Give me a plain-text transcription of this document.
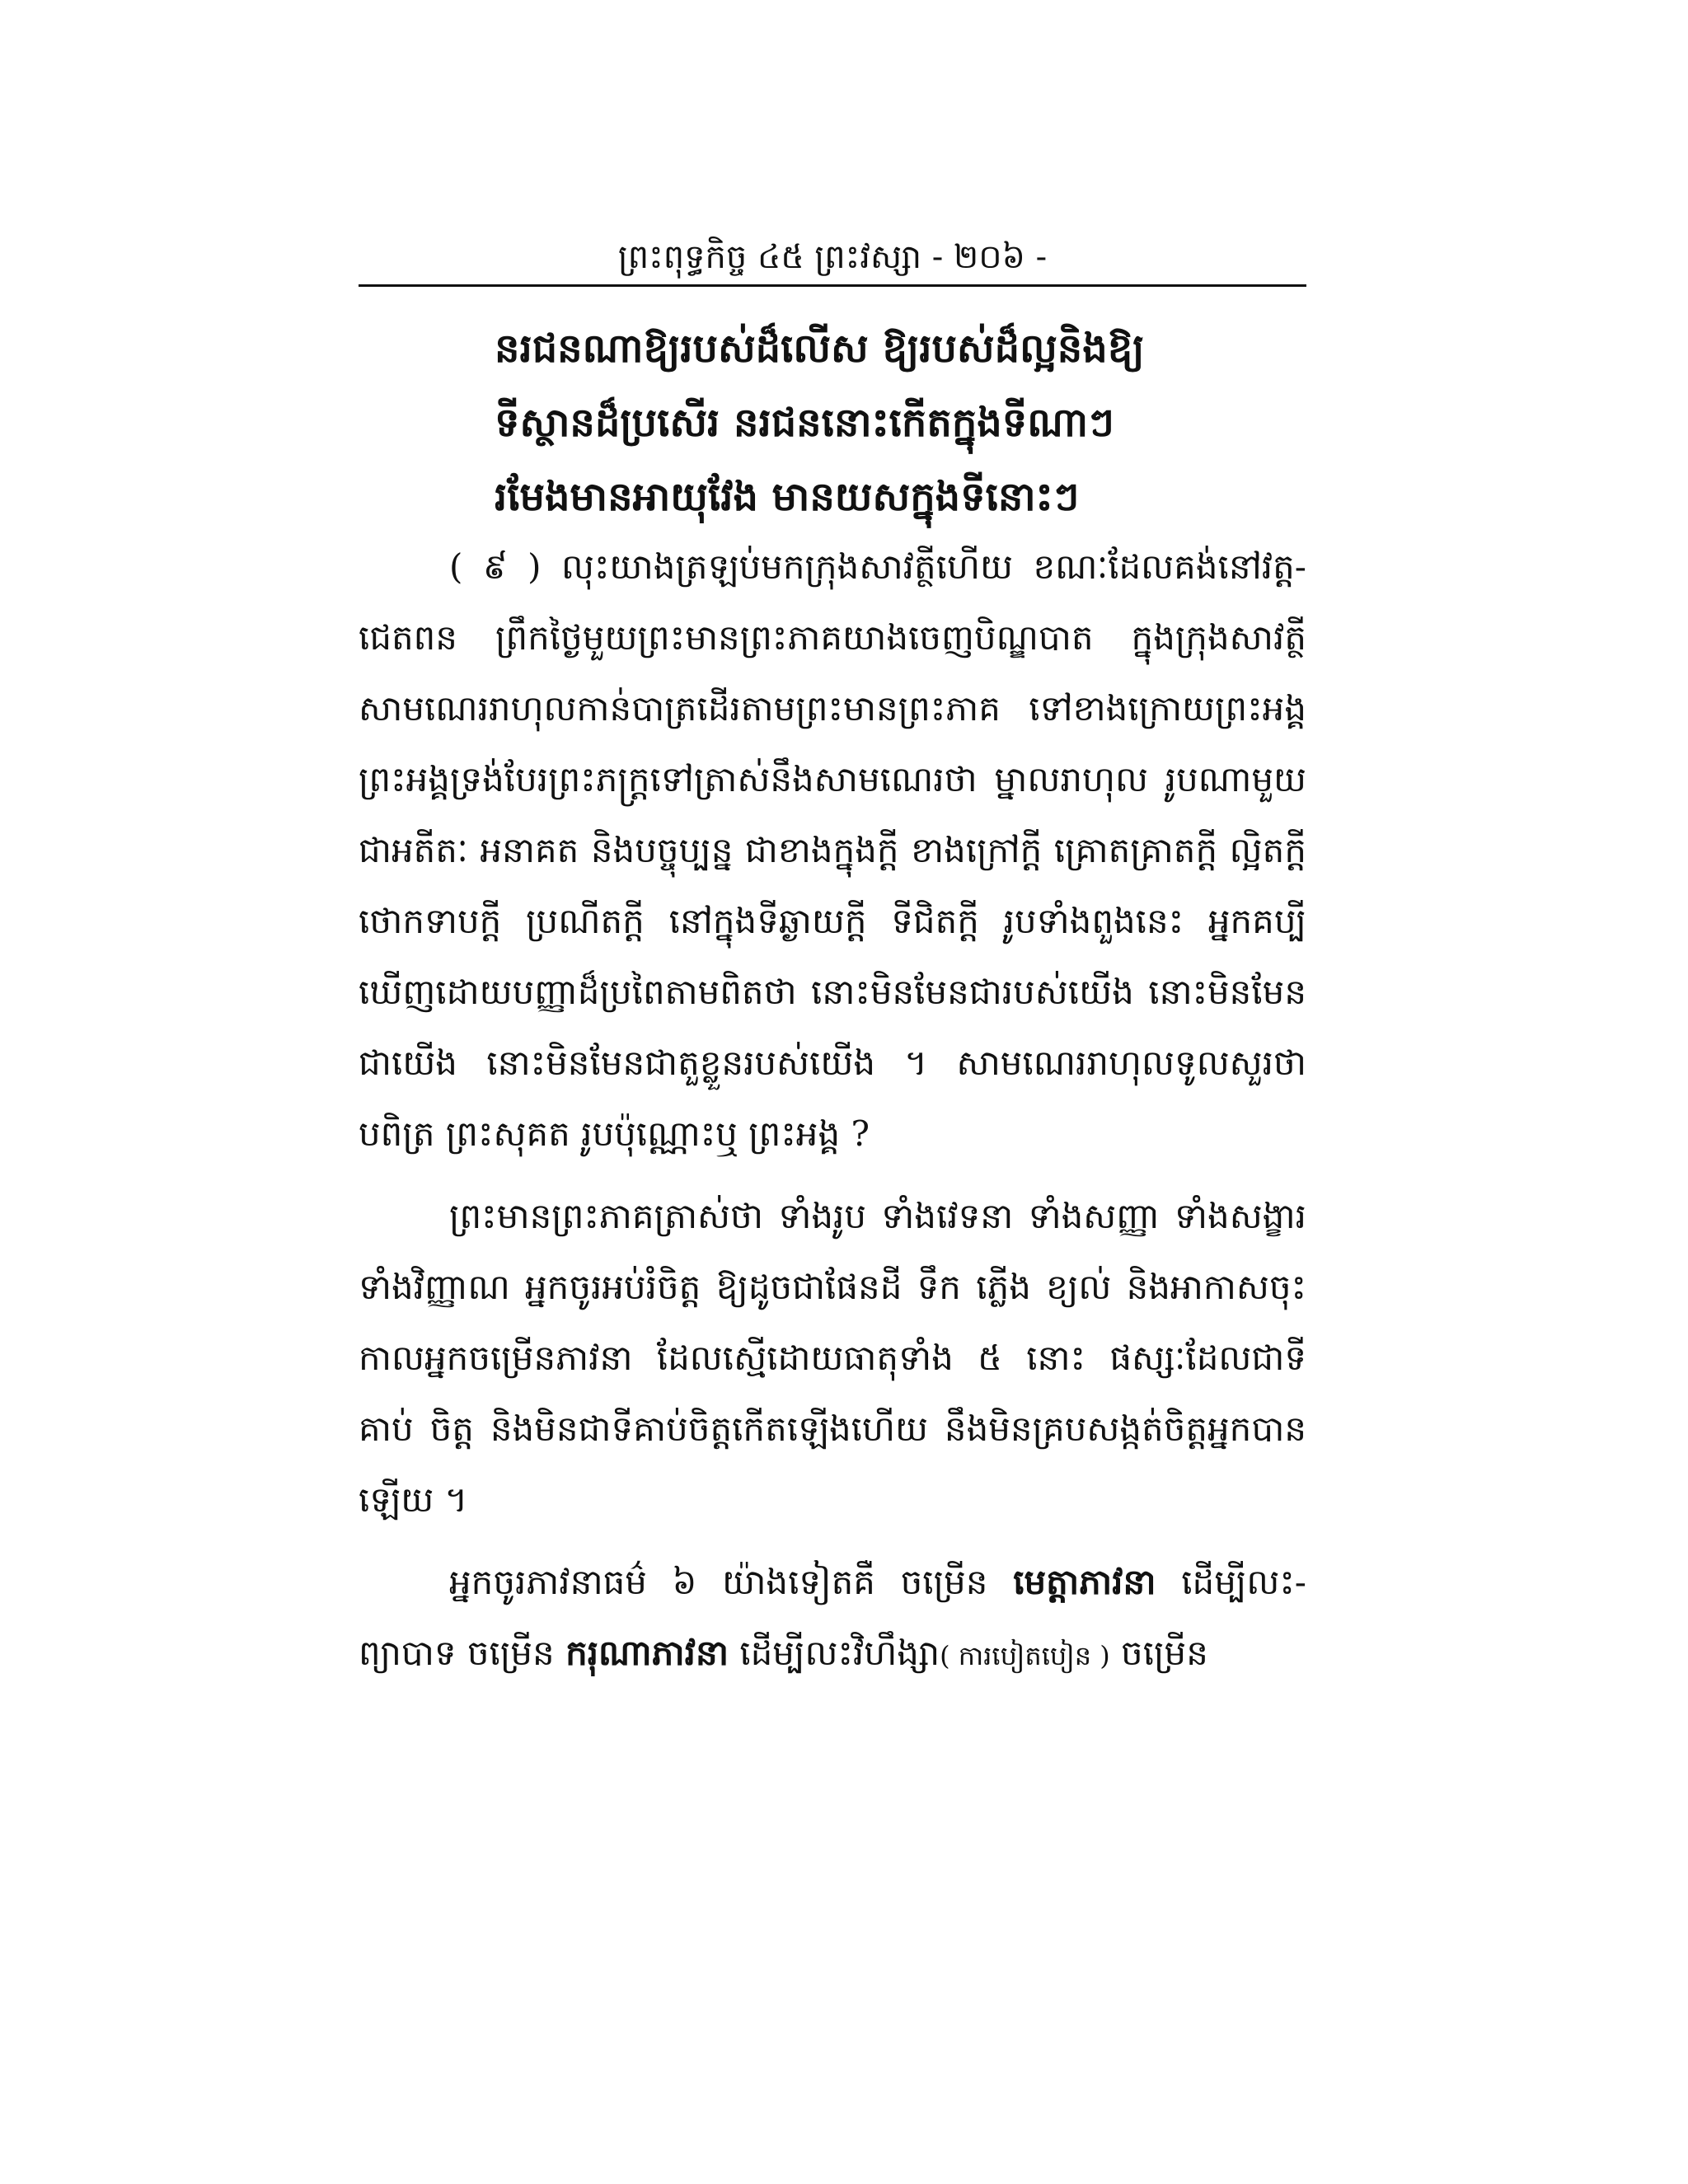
ព្រះពុទ្ធកិច្ច ៤៥ ព្រះវស្សា - ២០៦ -
នរជនណាឱ្យរបស់ដ៏លើស ឱ្យរបស់ដ៏ល្អនិងឱ្យ
ទីស្ថានដ៏ប្រសើរ នរជននោះកើតក្នុងទីណាៗ
រមែងមានអាយុវែង មានយសក្នុងទីនោះៗ

( ៩ ) លុះយាងត្រឡប់មកក្រុងសាវត្ថីហើយ ខណៈដែលគង់នៅវត្ត-ជេតពន ព្រឹកថ្ងៃមួយព្រះមានព្រះភាគយាងចេញបិណ្ឌបាត ក្នុងក្រុងសាវត្ថី សាមណេររាហុលកាន់បាត្រដើរតាមព្រះមានព្រះភាគ ទៅខាងក្រោយព្រះអង្គ ព្រះអង្គទ្រង់បែរព្រះភក្ត្រទៅត្រាស់នឹងសាមណេរថា ម្នាលរាហុល រូបណាមួយ ជាអតីតៈ អនាគត និងបច្ចុប្បន្ន ជាខាងក្នុងក្តី ខាងក្រៅក្តី គ្រោតគ្រាតក្តី ល្អិតក្តី ថោកទាបក្តី ប្រណីតក្តី នៅក្នុងទីឆ្ងាយក្តី ទីជិតក្តី រូបទាំងពួងនេះ អ្នកគប្បី ឃើញដោយបញ្ញាដ៏ប្រពៃតាមពិតថា នោះមិនមែនជារបស់យើង នោះមិនមែន ជាយើង នោះមិនមែនជាតួខ្លួនរបស់យើង ។ សាមណេររាហុលទូលសួរថា បពិត្រ ព្រះសុគត រូបប៉ុណ្ណោះឬ ព្រះអង្គ ?

ព្រះមានព្រះភាគត្រាស់ថា ទាំងរូប ទាំងវេទនា ទាំងសញ្ញា ទាំងសង្ខារ ទាំងវិញ្ញាណ អ្នកចូរអប់រំចិត្ត ឱ្យដូចជាផែនដី ទឹក ភ្លើង ខ្យល់ និងអាកាសចុះ កាលអ្នកចម្រើនភាវនា ដែលស្មើដោយធាតុទាំង ៥ នោះ ផស្សៈដែលជាទីគាប់ ចិត្ត និងមិនជាទីគាប់ចិត្តកើតឡើងហើយ នឹងមិនគ្របសង្កត់ចិត្តអ្នកបានឡើយ ។

អ្នកចូរភាវនាធម៌ ៦ យ៉ាងទៀតគឺ ចម្រើន មេត្តាភាវនា ដើម្បីលះ-ព្យាបាទ ចម្រើន ករុណាភាវនា ដើម្បីលះវិហឹង្សា( ការបៀតបៀន ) ចម្រើន
